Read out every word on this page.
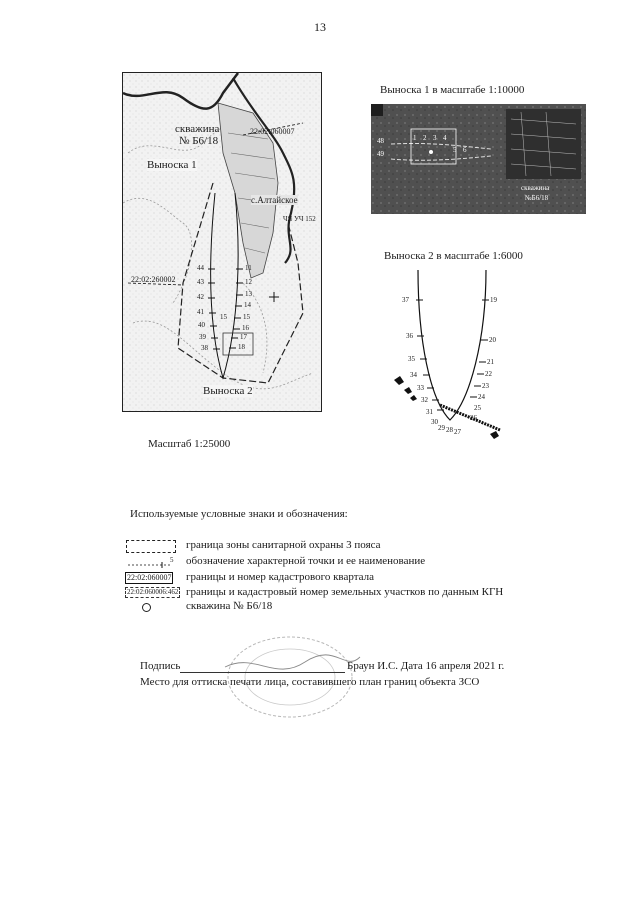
13
скважина
№ Б6/18
22:02:060007
Выноска 1
с.Алтайское
ЧЯ УЧ 152
22:02:260002
44
43
42
41
40
39
38
11
12
13
14
15
16
17
18
15
Выноска 2
Масштаб 1:25000
Выноска 1 в масштабе 1:10000
48
49
1 2 3 4
5 6
скважина
№Б6/18
Выноска 2 в масштабе 1:6000
37
36
35
34
33
32
31
30
29 28
19
20
21
22
23
24
25
26
27
Используемые условные знаки и обозначения:
граница зоны санитарной охраны 3 пояса
5 обозначение характерной точки и ее наименование
22:02:060007 границы и номер кадастрового квартала
22:02:060006:462 границы и кадастровый номер земельных участков по данным КГН
скважина № Б6/18
Подпись	Браун И.С. Дата 16 апреля 2021 г.
Место для оттиска печати лица, составившего план границ объекта ЗСО
